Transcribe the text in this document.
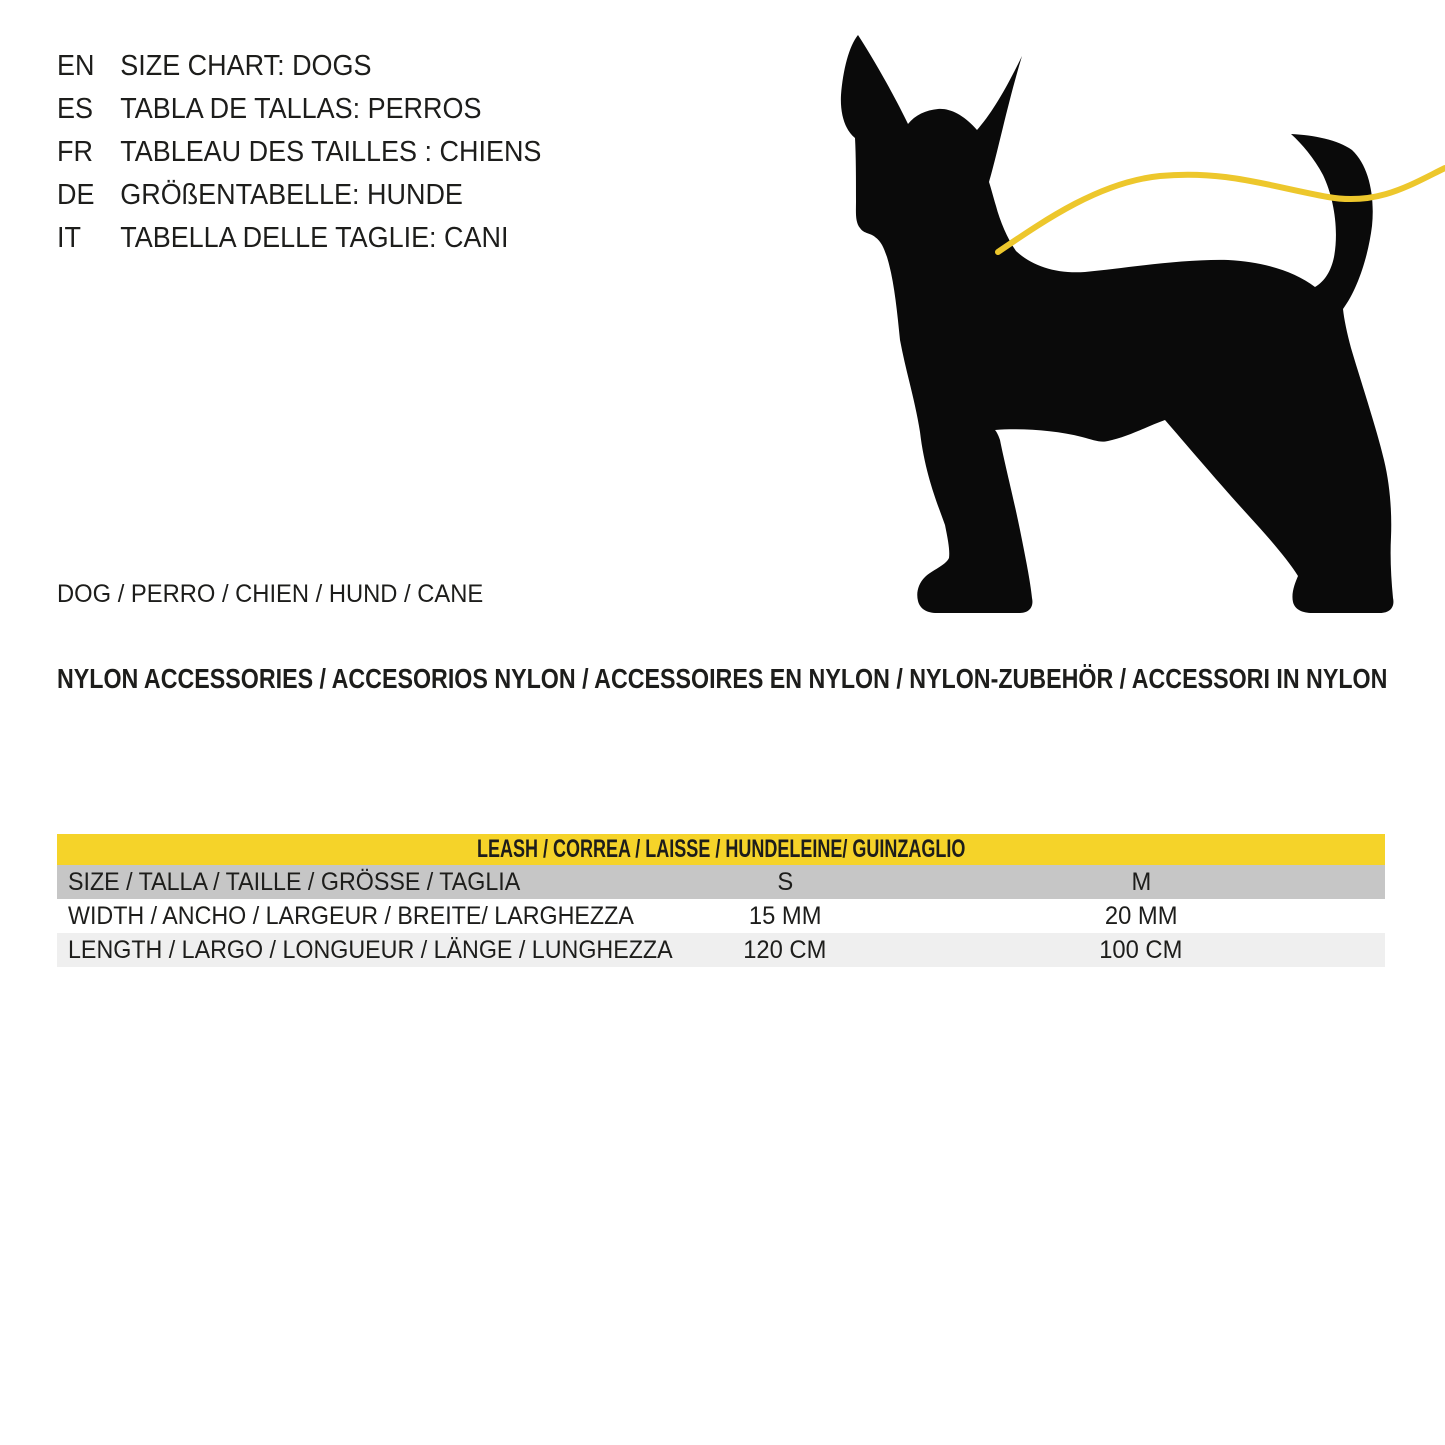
EN SIZE CHART: DOGS
ES TABLA DE TALLAS: PERROS
FR TABLEAU DES TAILLES : CHIENS
DE GRÖßENTABELLE: HUNDE
IT	TABELLA DELLE TAGLIE: CANI
DOG / PERRO / CHIEN / HUND / CANE
NYLON ACCESSORIES / ACCESORIOS NYLON / ACCESSOIRES EN NYLON / NYLON-ZUBEHÖR / ACCESSORI IN NYLON
LEASH / CORREA / LAISSE / HUNDELEINE/ GUINZAGLIO
SIZE / TALLA / TAILLE / GRÖSSE / TAGLIA	S	M
WIDTH / ANCHO / LARGEUR / BREITE/ LARGHEZZA	15 MM	20 MM
LENGTH / LARGO / LONGUEUR / LÄNGE / LUNGHEZZA	120 CM	100 CM
